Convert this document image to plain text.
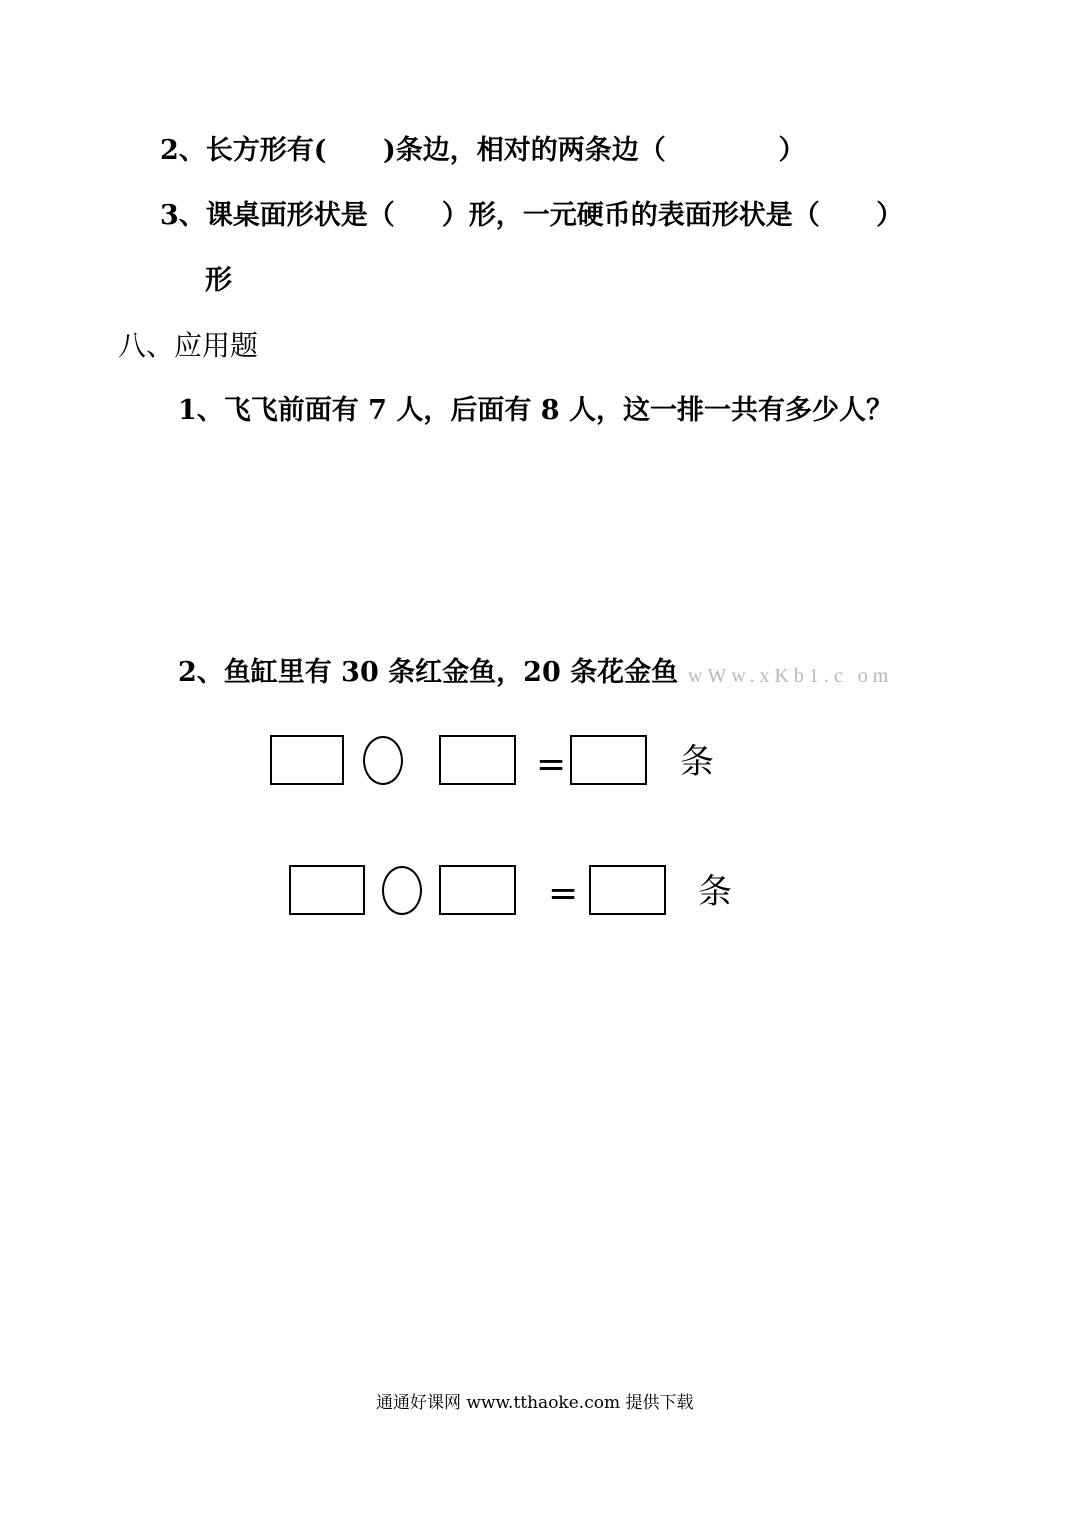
2、长方形有(      )条边，相对的两条边（            ）
3、课桌面形状是（     ）形，一元硬币的表面形状是（      ）
形
八、应用题
1、飞飞前面有 7 人，后面有 8 人，这一排一共有多少人？
2、鱼缸里有 30 条红金鱼，20 条花金鱼 wWw.xKb1.c om
=	条
=	条
通通好课网 www.tthaoke.com 提供下载
